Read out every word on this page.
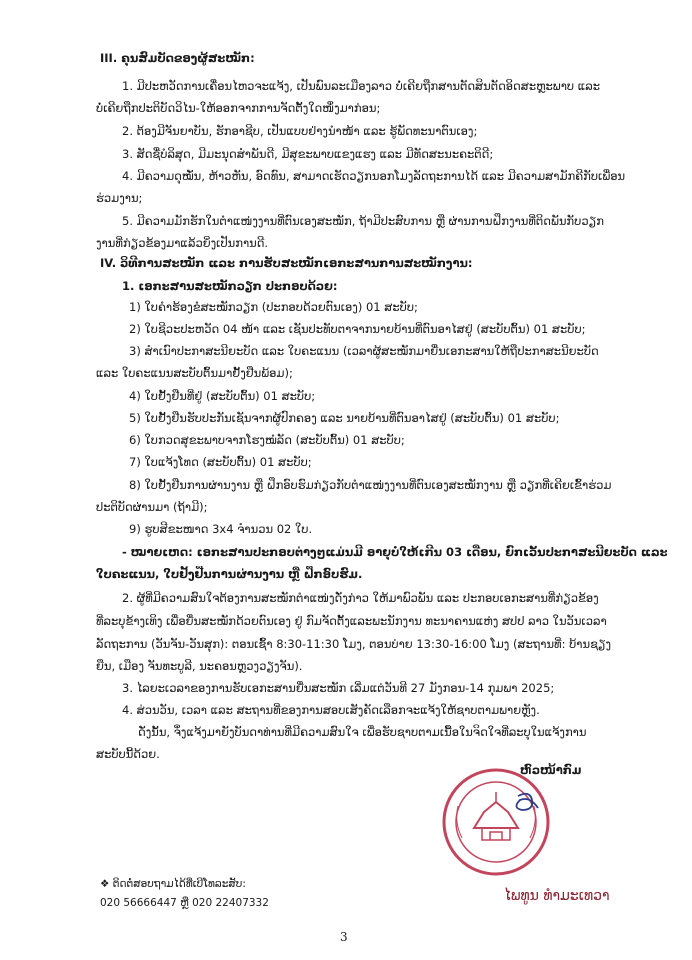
III. ຄຸນສົມບັດຂອງຜູ້ສະໝັກ:
1. ມີປະຫວັດການເຄື່ອນໄຫວຈະແຈ້ງ, ເປັນພົນລະເມືອງລາວ ບໍ່ເຄີຍຖືກສານຕັດສິນຕັດອິດສະຫຼະພາບ ແລະ
ບໍ່ເຄີຍຖືກປະຕິບັດວິໄນ-ໃຫ້ອອກຈາກການຈັດຕັ້ງໃດໜຶ່ງມາກ່ອນ;
2. ຕ້ອງມີຈັນຍາບັນ, ຮັກອາຊີບ, ເປັນແບບຢ່າງນຳໜ້າ ແລະ ຮູ້ພັດທະນາຕົນເອງ;
3. ສັດຊື່ບໍລິສຸດ, ມີມະນຸດສຳພັນດີ, ມີສຸຂະພາບແຂງແຮງ ແລະ ມີທັດສະນະຄະຕິດີ;
4. ມີຄວາມດຸໝັ່ນ, ຫ້າວຫັນ, ອົດທົນ, ສາມາດເຮັດວຽກນອກໂມງລັດຖະການໄດ້ ແລະ ມີຄວາມສາມັກຄີກັບເພື່ອນ
ຮ່ວມງານ;
5. ມີຄວາມມັກຮັກໃນຕຳແໜ່ງງານທີ່ຕົນເອງສະໝັກ, ຖ້າມີປະສົບການ ຫຼື ຜ່ານການຝຶກງານທີ່ຕິດພັນກັບວຽກ
ງານທີ່ກ່ຽວຂ້ອງມາແລ້ວຍິ່ງເປັນການດີ.
IV. ວິທີການສະໝັກ ແລະ ການຮັບສະໝັກເອກະສານການສະໝັກງານ:
1. ເອກະສານສະໝັກວຽກ ປະກອບດ້ວຍ:
1) ໃບຄຳຮ້ອງຂໍສະໝັກວຽກ (ປະກອບດ້ວຍຕົນເອງ) 01 ສະບັບ;
2) ໃບຊີວະປະຫວັດ 04 ໜ້າ ແລະ ເຊັນປະທັບຕາຈາກນາຍບ້ານທີ່ຕົນອາໄສຢູ່ (ສະບັບຕົ້ນ) 01 ສະບັບ;
3) ສຳເນົາປະກາສະນີຍະບັດ ແລະ ໃບຄະແນນ (ເວລາຜູ້ສະໝັກມາຍື່ນເອກະສານໃຫ້ຖືປະກາສະນີຍະບັດ
ແລະ ໃບຄະແນນສະບັບຕົ້ນມາຢັ້ງຢືນພ້ອມ);
4) ໃບຢັ້ງຢືນທີ່ຢູ່ (ສະບັບຕົ້ນ) 01 ສະບັບ;
5) ໃບຢັ້ງຢືນຮັບປະກັນເຊັນຈາກຜູ້ປົກຄອງ ແລະ ນາຍບ້ານທີ່ຕົນອາໄສຢູ່ (ສະບັບຕົ້ນ) 01 ສະບັບ;
6) ໃບກວດສຸຂະພາບຈາກໂຮງໝໍລັດ (ສະບັບຕົ້ນ) 01 ສະບັບ;
7) ໃບແຈ້ງໂທດ (ສະບັບຕົ້ນ) 01 ສະບັບ;
8) ໃບຢັ້ງຢືນການຜ່ານງານ ຫຼື ຝຶກອົບຮົມກ່ຽວກັບຕຳແໜ່ງງານທີ່ຕົນເອງສະໝັກງານ ຫຼື ວຽກທີ່ເຄີຍເຂົ້າຮ່ວມ
ປະຕິບັດຜ່ານມາ (ຖ້າມີ);
9) ຮູບສີຂະໜາດ 3x4 ຈຳນວນ 02 ໃບ.
- ໝາຍເຫດ: ເອກະສານປະກອບຕ່າງໆແມ່ນມີ ອາຍຸບໍ່ໃຫ້ເກີນ 03 ເດືອນ, ຍົກເວັ້ນປະກາສະນີຍະບັດ ແລະ
ໃບຄະແນນ, ໃບຢັ້ງຢືນການຜ່ານງານ ຫຼື ຝຶກອົບຮົມ.
2. ຜູ້ທີ່ມີຄວາມສົນໃຈຕ້ອງການສະໝັກຕຳແໜ່ງດັ່ງກ່າວ ໃຫ້ມາພົວພັນ ແລະ ປະກອບເອກະສານທີ່ກ່ຽວຂ້ອງ
ທີ່ລະບຸຂ້າງເທິງ ເພື່ອຍື່ນສະໝັກດ້ວຍຕົນເອງ ຢູ່ ກົມຈັດຕັ້ງແລະພະນັກງານ ທະນາຄານແຫ່ງ ສປປ ລາວ ໃນວັນເວລາ
ລັດຖະການ (ວັນຈັນ-ວັນສຸກ): ຕອນເຊົ້າ 8:30-11:30 ໂມງ, ຕອນບ່າຍ 13:30-16:00 ໂມງ (ສະຖານທີ່: ບ້ານຊຽງ
ຍືນ, ເມືອງ ຈັນທະບູລີ, ນະຄອນຫຼວງວຽງຈັນ).
3. ໄລຍະເວລາຂອງການຮັບເອກະສານຍື່ນສະໝັກ ເລີ່ມແຕ່ວັນທີ 27 ມັງກອນ-14 ກຸມພາ 2025;
4. ສ່ວນວັນ, ເວລາ ແລະ ສະຖານທີ່ຂອງການສອບເສັງຄັດເລືອກຈະແຈ້ງໃຫ້ຊາບຕາມພາຍຫຼັງ.
ດັ່ງນັ້ນ, ຈຶ່ງແຈ້ງມາຍັງບັນດາທ່ານທີ່ມີຄວາມສົນໃຈ ເພື່ອຮັບຊາບຕາມເນື້ອໃນຈິດໃຈທີ່ລະບຸໃນແຈ້ງການ
ສະບັບນີ້ດ້ວຍ.
ຫົວໜ້າກົມ
ໄພທູນ ທຳມະເທວາ
❖ ຕິດຕໍ່ສອບຖາມໄດ້ທີ່ເບີໂທລະສັບ:
020 56666447 ຫຼື 020 22407332
3
